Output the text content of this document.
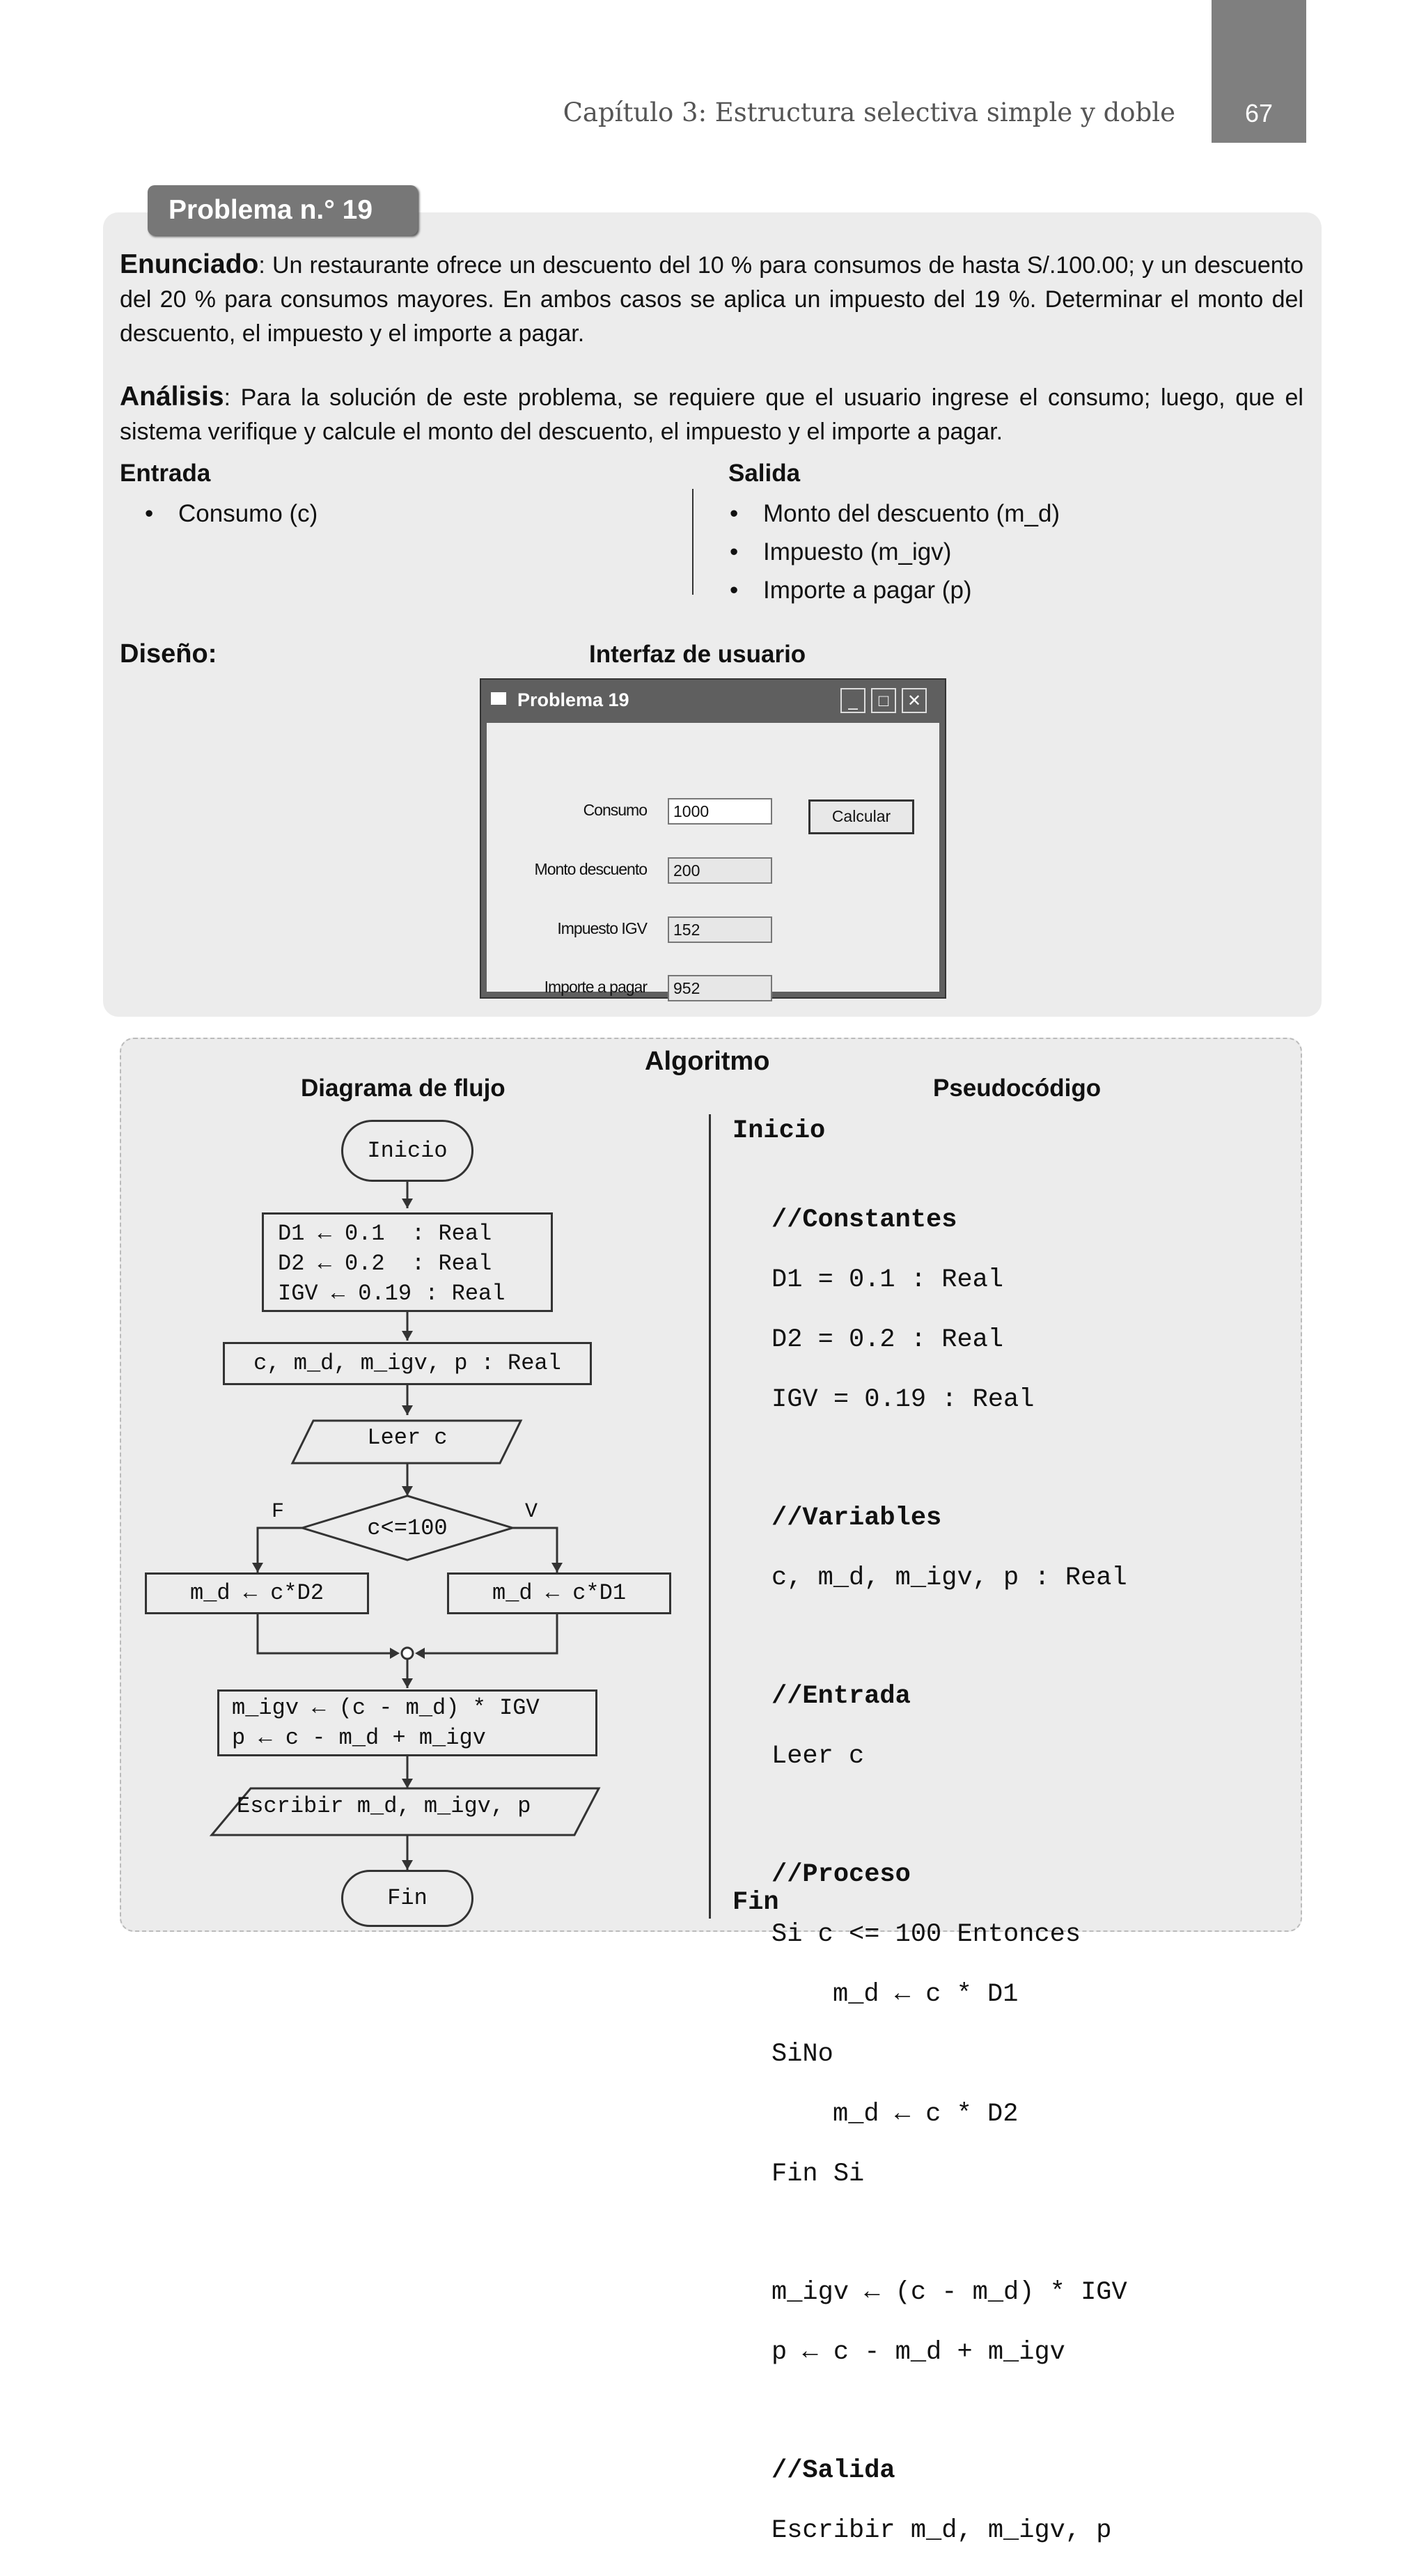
Capítulo 3: Estructura selectiva simple y doble	67
Problema n.° 19
Enunciado: Un restaurante ofrece un descuento del 10 % para consumos de hasta S/.100.00; y un descuento del 20 % para consumos mayores. En ambos casos se aplica un impuesto del 19 %. Determinar el monto del descuento, el impuesto y el importe a pagar.
Análisis: Para la solución de este problema, se requiere que el usuario ingrese el consumo; luego, que el sistema verifique y calcule el monto del descuento, el impuesto y el importe a pagar.
Entrada
• Consumo (c)
Salida
• Monto del descuento (m_d)
• Impuesto (m_igv)
• Importe a pagar (p)
Diseño:	Interfaz de usuario
Problema 19	_	□	✕
Consumo	1000
Monto descuento	200
Impuesto IGV	152
Importe a pagar	952
Calcular
Algoritmo
Diagrama de flujo	Pseudocódigo
Inicio
D1 ← 0.1  : Real
D2 ← 0.2  : Real
IGV ← 0.19 : Real
c, m_d, m_igv, p : Real
Leer c
c<=100
F	V
m_d ← c*D2	m_d ← c*D1
m_igv ← (c - m_d) * IGV
p ← c - m_d + m_igv
Escribir m_d, m_igv, p
Fin
Inicio

//Constantes

D1 = 0.1 : Real

D2 = 0.2 : Real

IGV = 0.19 : Real

//Variables

c, m_d, m_igv, p : Real

//Entrada

Leer c

//Proceso

Si c <= 100 Entonces

m_d ← c * D1

SiNo

m_d ← c * D2

Fin Si

m_igv ← (c - m_d) * IGV

p ← c - m_d + m_igv

//Salida

Escribir m_d, m_igv, p

Fin
